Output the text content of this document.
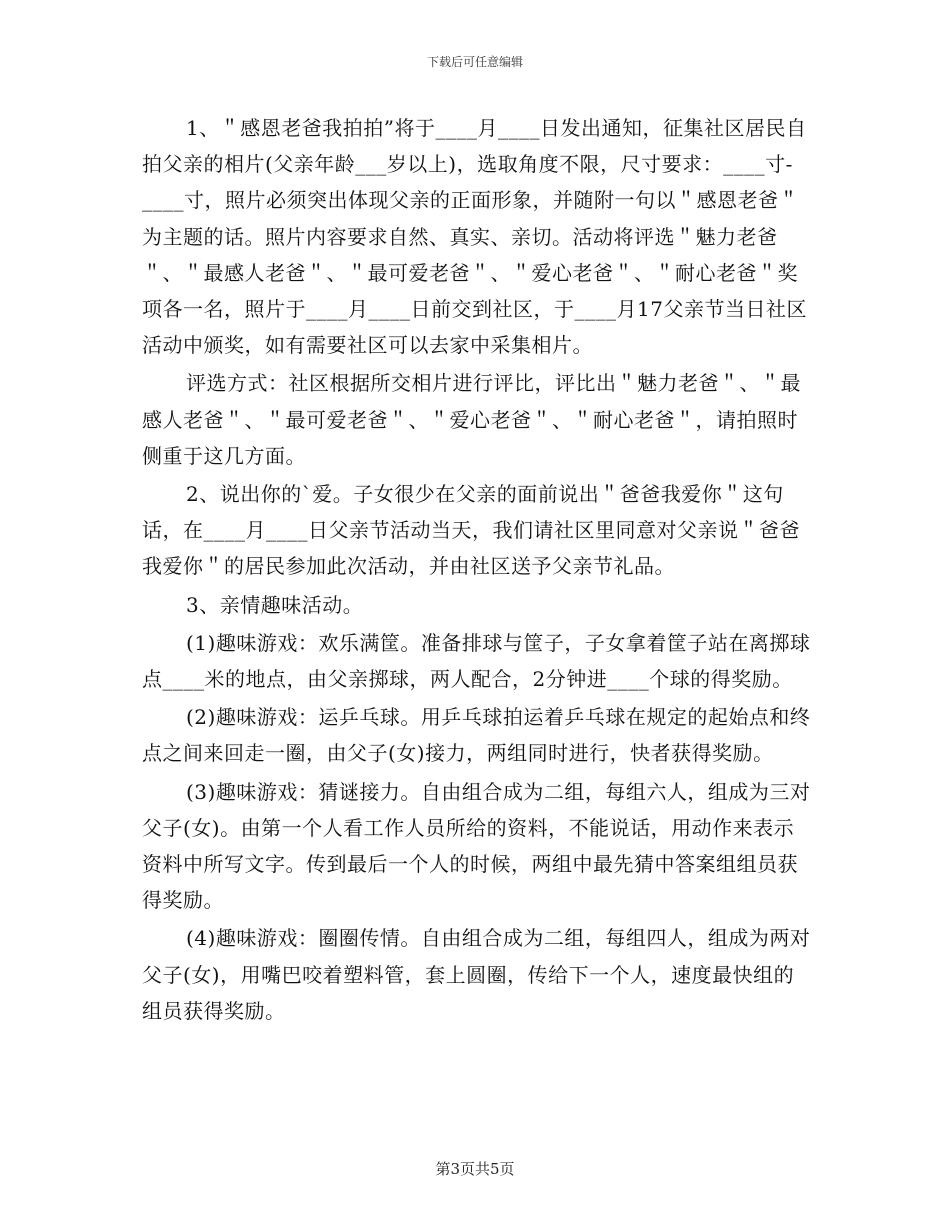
下载后可任意编辑

1、＂感恩老爸我拍拍”将于____月____日发出通知，征集社区居民自拍父亲的相片(父亲年龄___岁以上)，选取角度不限，尺寸要求：____寸-____寸，照片必须突出体现父亲的正面形象，并随附一句以＂感恩老爸＂为主题的话。照片内容要求自然、真实、亲切。活动将评选＂魅力老爸＂、＂最感人老爸＂、＂最可爱老爸＂、＂爱心老爸＂、＂耐心老爸＂奖项各一名，照片于____月____日前交到社区，于____月17父亲节当日社区活动中颁奖，如有需要社区可以去家中采集相片。

评选方式：社区根据所交相片进行评比，评比出＂魅力老爸＂、＂最感人老爸＂、＂最可爱老爸＂、＂爱心老爸＂、＂耐心老爸＂，请拍照时侧重于这几方面。

2、说出你的`爱。子女很少在父亲的面前说出＂爸爸我爱你＂这句话，在____月____日父亲节活动当天，我们请社区里同意对父亲说＂爸爸我爱你＂的居民参加此次活动，并由社区送予父亲节礼品。

3、亲情趣味活动。

(1)趣味游戏：欢乐满筐。准备排球与筐子，子女拿着筐子站在离掷球点____米的地点，由父亲掷球，两人配合，2分钟进____个球的得奖励。

(2)趣味游戏：运乒乓球。用乒乓球拍运着乒乓球在规定的起始点和终点之间来回走一圈，由父子(女)接力，两组同时进行，快者获得奖励。

(3)趣味游戏：猜谜接力。自由组合成为二组，每组六人，组成为三对父子(女)。由第一个人看工作人员所给的资料，不能说话，用动作来表示资料中所写文字。传到最后一个人的时候，两组中最先猜中答案组组员获得奖励。

(4)趣味游戏：圈圈传情。自由组合成为二组，每组四人，组成为两对父子(女)，用嘴巴咬着塑料管，套上圆圈，传给下一个人，速度最快组的组员获得奖励。

第3页共5页
